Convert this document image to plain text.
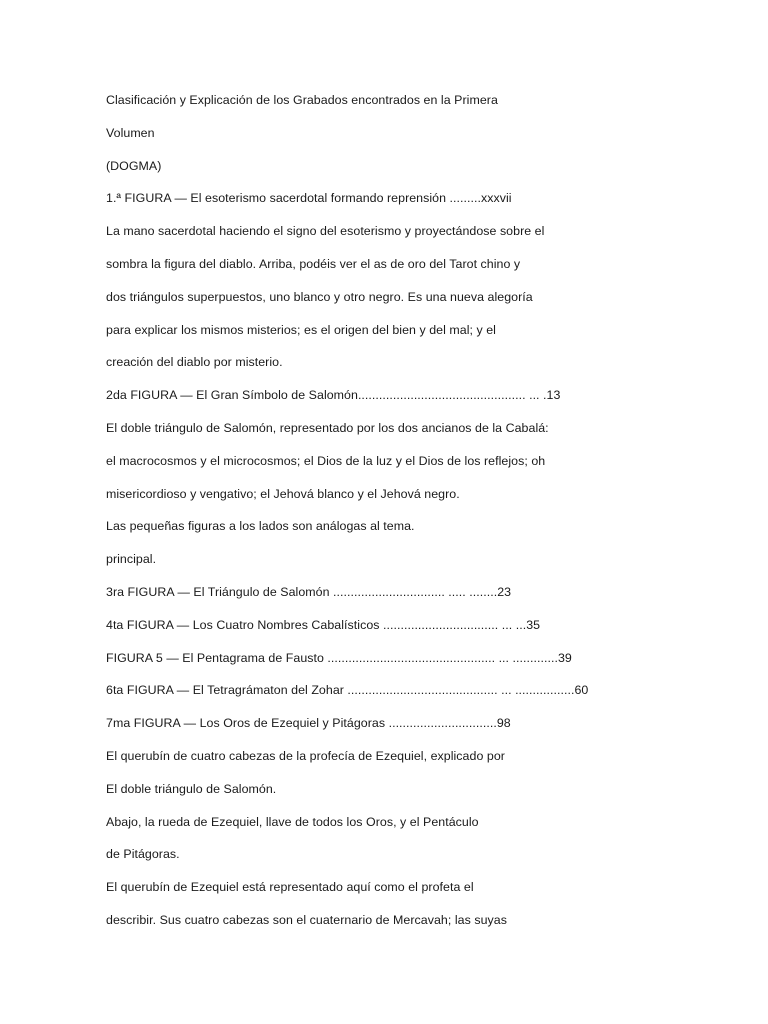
Clasificación y Explicación de los Grabados encontrados en la Primera
Volumen
(DOGMA)
1.ª FIGURA — El esoterismo sacerdotal formando reprensión .........xxxvii
La mano sacerdotal haciendo el signo del esoterismo y proyectándose sobre el
sombra la figura del diablo. Arriba, podéis ver el as de oro del Tarot chino y
dos triángulos superpuestos, uno blanco y otro negro. Es una nueva alegoría
para explicar los mismos misterios; es el origen del bien y del mal; y el
creación del diablo por misterio.
2da FIGURA — El Gran Símbolo de Salomón................................................ ... .13
El doble triángulo de Salomón, representado por los dos ancianos de la Cabalá:
el macrocosmos y el microcosmos; el Dios de la luz y el Dios de los reflejos; oh
misericordioso y vengativo; el Jehová blanco y el Jehová negro.
Las pequeñas figuras a los lados son análogas al tema.
principal.
3ra FIGURA — El Triángulo de Salomón ................................ ..... ........23
4ta FIGURA — Los Cuatro Nombres Cabalísticos ................................. ... ...35
FIGURA 5 — El Pentagrama de Fausto ................................................ ... .............39
6ta FIGURA — El Tetragrámaton del Zohar ........................................... ... .................60
7ma FIGURA — Los Oros de Ezequiel y Pitágoras ...............................98
El querubín de cuatro cabezas de la profecía de Ezequiel, explicado por
El doble triángulo de Salomón.
Abajo, la rueda de Ezequiel, llave de todos los Oros, y el Pentáculo
de Pitágoras.
El querubín de Ezequiel está representado aquí como el profeta el
describir. Sus cuatro cabezas son el cuaternario de Mercavah; las suyas
